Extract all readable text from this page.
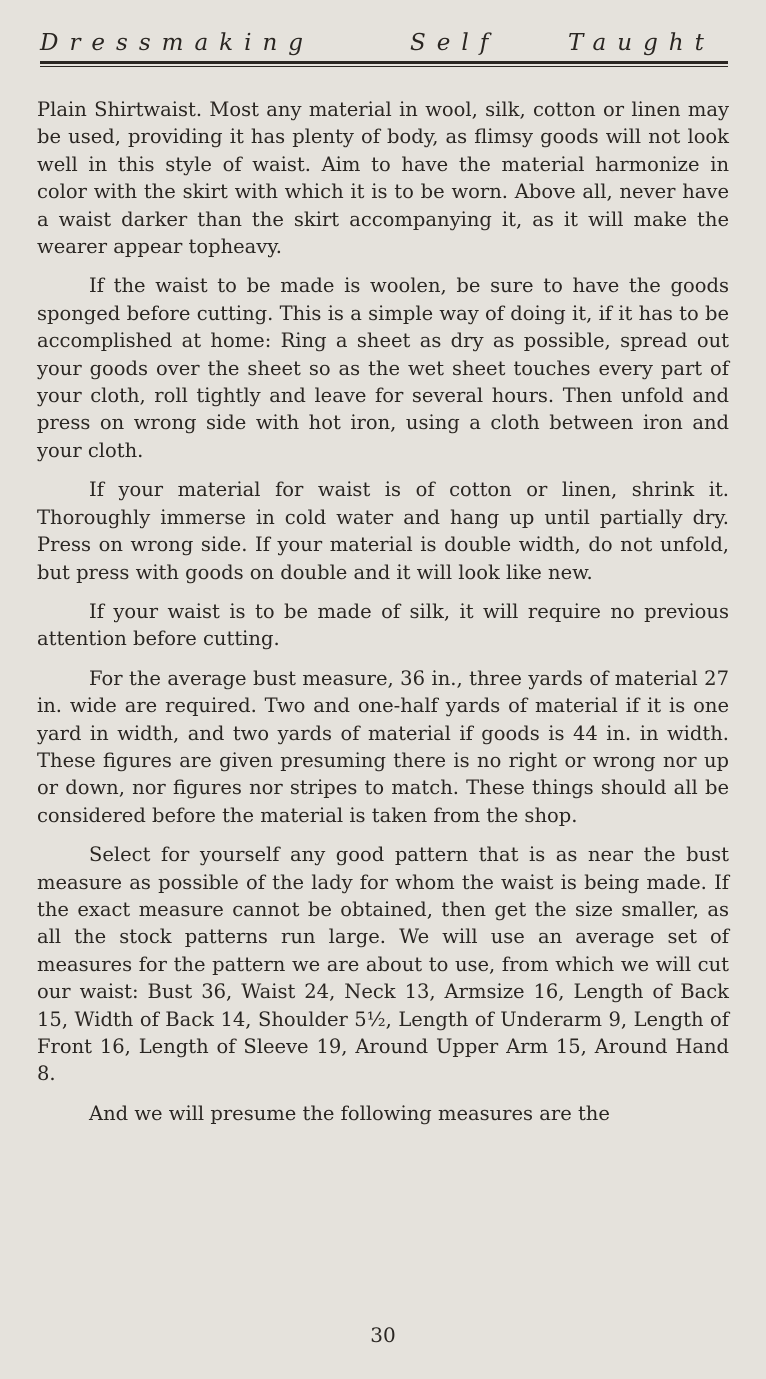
Dressmaking	Self	Taught

Plain Shirtwaist. Most any material in wool, silk, cotton or linen may be used, providing it has plenty of body, as flimsy goods will not look well in this style of waist. Aim to have the material harmonize in color with the skirt with which it is to be worn. Above all, never have a waist darker than the skirt accompanying it, as it will make the wearer appear topheavy.

If the waist to be made is woolen, be sure to have the goods sponged before cutting. This is a simple way of doing it, if it has to be accomplished at home: Ring a sheet as dry as possible, spread out your goods over the sheet so as the wet sheet touches every part of your cloth, roll tightly and leave for several hours. Then unfold and press on wrong side with hot iron, using a cloth between iron and your cloth.

If your material for waist is of cotton or linen, shrink it. Thoroughly immerse in cold water and hang up until partially dry. Press on wrong side. If your material is double width, do not unfold, but press with goods on double and it will look like new.

If your waist is to be made of silk, it will require no previous attention before cutting.

For the average bust measure, 36 in., three yards of material 27 in. wide are required. Two and one-half yards of material if it is one yard in width, and two yards of material if goods is 44 in. in width. These figures are given presuming there is no right or wrong nor up or down, nor figures nor stripes to match. These things should all be considered before the material is taken from the shop.

Select for yourself any good pattern that is as near the bust measure as possible of the lady for whom the waist is being made. If the exact measure cannot be obtained, then get the size smaller, as all the stock patterns run large. We will use an average set of measures for the pattern we are about to use, from which we will cut our waist: Bust 36, Waist 24, Neck 13, Armsize 16, Length of Back 15, Width of Back 14, Shoulder 5½, Length of Underarm 9, Length of Front 16, Length of Sleeve 19, Around Upper Arm 15, Around Hand 8.

And we will presume the following measures are the

30
